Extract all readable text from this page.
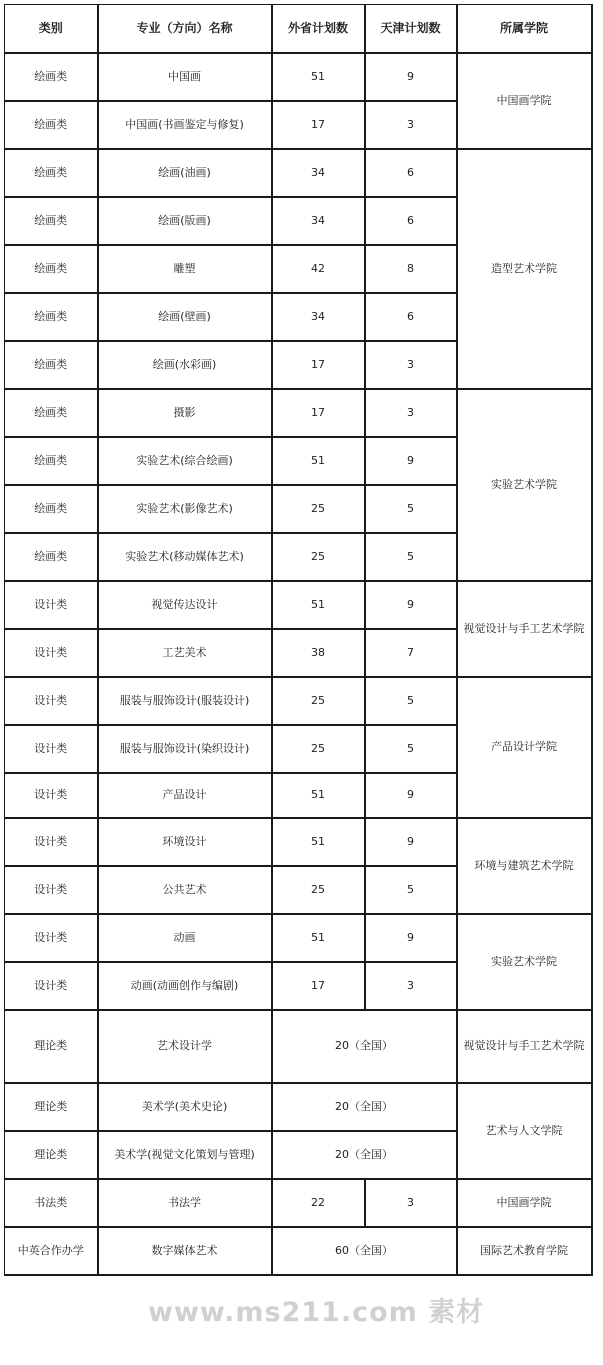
类别	专业（方向）名称	外省计划数	天津计划数	所属学院
绘画类	中国画	51	9	中国画学院
绘画类	中国画(书画鉴定与修复)	17	3	
绘画类	绘画(油画)	34	6	造型艺术学院
绘画类	绘画(版画)	34	6	
绘画类	雕塑	42	8	
绘画类	绘画(壁画)	34	6	
绘画类	绘画(水彩画)	17	3	
绘画类	摄影	17	3	实验艺术学院
绘画类	实验艺术(综合绘画)	51	9	
绘画类	实验艺术(影像艺术)	25	5	
绘画类	实验艺术(移动媒体艺术)	25	5	
设计类	视觉传达设计	51	9	视觉设计与手工艺术学院
设计类	工艺美术	38	7	
设计类	服装与服饰设计(服装设计)	25	5	产品设计学院
设计类	服装与服饰设计(染织设计)	25	5	
设计类	产品设计	51	9	
设计类	环境设计	51	9	环境与建筑艺术学院
设计类	公共艺术	25	5	
设计类	动画	51	9	实验艺术学院
设计类	动画(动画创作与编剧)	17	3	
理论类	艺术设计学	20（全国）		视觉设计与手工艺术学院
理论类	美术学(美术史论)	20（全国）		艺术与人文学院
理论类	美术学(视觉文化策划与管理)	20（全国）		
书法类	书法学	22	3	中国画学院
中英合作办学	数字媒体艺术	60（全国）		国际艺术教育学院
www.ms211.com 素材
